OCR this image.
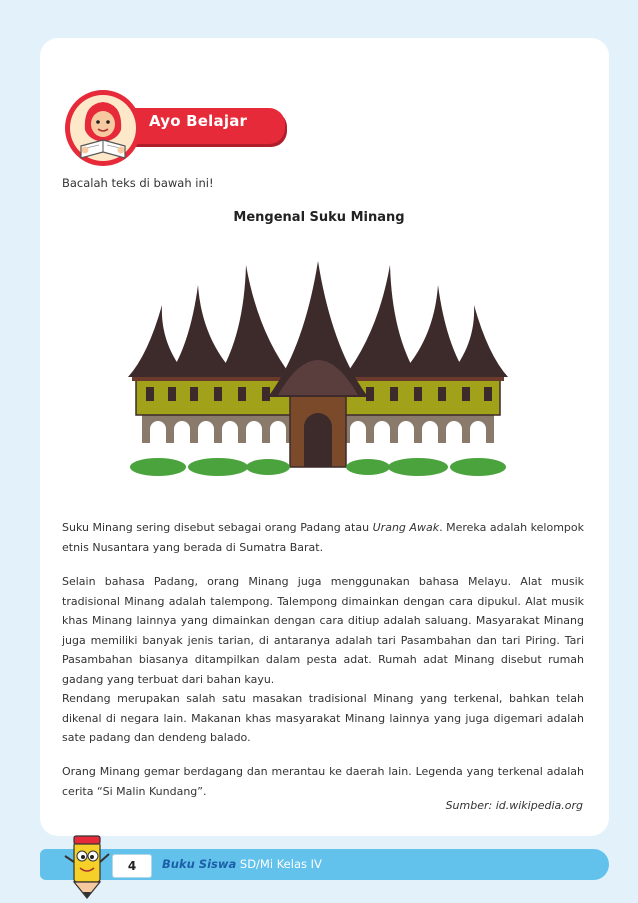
Ayo Belajar
Bacalah teks di bawah ini!
Mengenal Suku Minang

Suku Minang sering disebut sebagai orang Padang atau Urang Awak. Mereka adalah kelompok etnis Nusantara yang berada di Sumatra Barat.

Selain bahasa Padang, orang Minang juga menggunakan bahasa Melayu. Alat musik tradisional Minang adalah talempong. Talempong dimainkan dengan cara dipukul. Alat musik khas Minang lainnya yang dimainkan dengan cara ditiup adalah saluang. Masyarakat Minang juga memiliki banyak jenis tarian, di antaranya adalah tari Pasambahan dan tari Piring. Tari Pasambahan biasanya ditampilkan dalam pesta adat. Rumah adat Minang disebut rumah gadang yang terbuat dari bahan kayu.

Rendang merupakan salah satu masakan tradisional Minang yang terkenal, bahkan telah dikenal di negara lain. Makanan khas masyarakat Minang lainnya yang juga digemari adalah sate padang dan dendeng balado.

Orang Minang gemar berdagang dan merantau ke daerah lain. Legenda yang terkenal adalah cerita “Si Malin Kundang”.

Sumber: id.wikipedia.org
4	Buku Siswa SD/Mi Kelas IV
